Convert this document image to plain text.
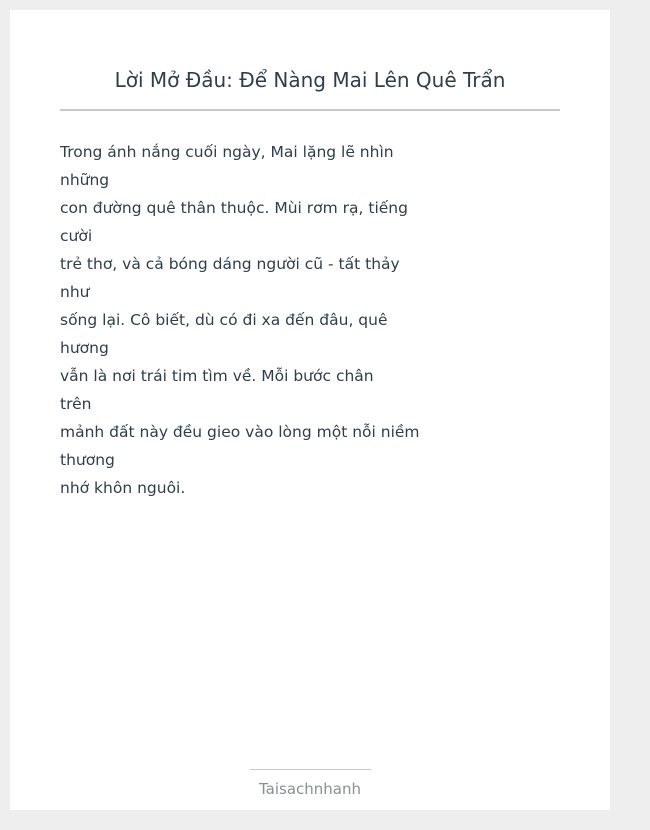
Lời Mở Đầu: Để Nàng Mai Lên Quê Trẩn
Trong ánh nắng cuối ngày, Mai lặng lẽ nhìn
những
con đường quê thân thuộc. Mùi rơm rạ, tiếng
cười
trẻ thơ, và cả bóng dáng người cũ - tất thảy
như
sống lại. Cô biết, dù có đi xa đến đâu, quê
hương
vẫn là nơi trái tim tìm về. Mỗi bước chân
trên
mảnh đất này đều gieo vào lòng một nỗi niềm
thương
nhớ khôn nguôi.
Taisachnhanh
